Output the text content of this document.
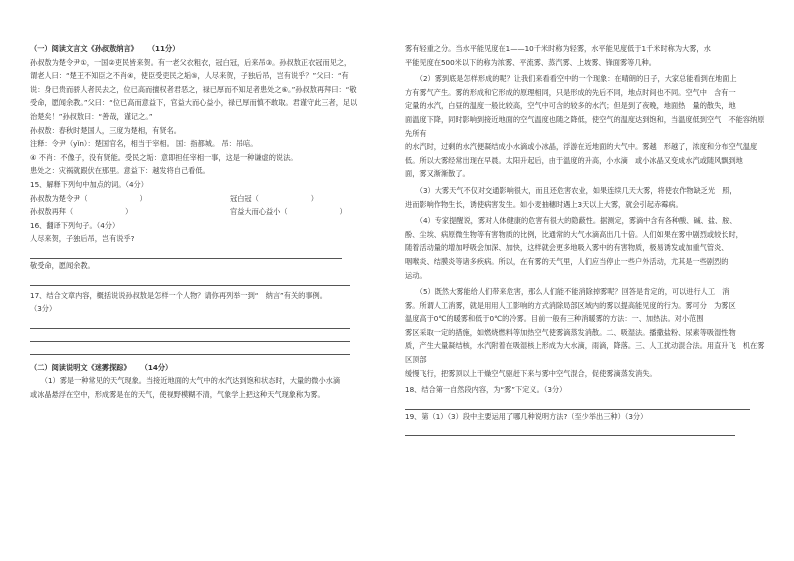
（一）阅读文言文《孙叔敖纳言》 （11分）

孙叔敖为楚令尹①，一国②吏民皆来贺。有一老父衣粗衣，冠白冠，后来吊③。孙叔敖正衣冠而见之，

谓老人曰：“楚王不知臣之不肖④，使臣受吏民之垢⑤，人尽来贺，子独后吊，岂有说乎？”父曰：“有

说：身已贵而骄人者民去之，位已高而擅权者君恶之，禄已厚而不知足者患处之⑥。”孙叔敖再拜曰：“敬

受命，愿闻余教。”父曰：“位已高而意益下，官益大而心益小，禄已厚而慎不敢取。君谨守此三者，足以

治楚矣！”孙叔敖曰：“善哉，谨记之。”

孙叔敖：春秋时楚国人，三度为楚相，有贤名。

注释：令尹（yǐn）：楚国官名，相当于宰相。 国：指都城。 吊：吊唁。

④ 不肖：不像子，没有贤能。受民之垢：意即担任宰相一事，这是一种谦虚的说法。

患处之：灾祸就跟伏在那里。意益下：越发将自己看低。

15、解释下列句中加点的词。（4分）

孙叔敖为楚令尹（	）	冠白冠（	）
孙叔敖再拜（	）	官益大而心益小（	）

16、翻译下列句子。（4分）

人尽来贺，子独后吊，岂有说乎?

敬受命，愿闻余教。

17、结合文章内容，概括说说孙叔敖是怎样一个人物？请你再列举一到“　纳言”有关的事例。

（3分）

（二）阅读说明文《迷雾探踪》 （14分）

（1）雾是一种常见的天气现象。当接近地面的大气中的水汽达到饱和状态时，大量的微小水滴

或冰晶悬浮在空中，形成雾是在的天气，使视野模糊不清，气象学上把这种天气现象称为雾。

雾有轻重之分。当水平能见度在1——10千米时称为轻雾，水平能见度低于1千米时称为大雾，水

平能见度在500米以下的称为浓雾、平流雾、蒸汽雾、上坡雾、锋面雾等几种。

（2）雾到底是怎样形成的呢？让我们来看看空中的一个现象：在晴朗的日子，大家总能看到在地面上

方有雾气产生。雾的形成和它形成的原理相同，只是形成的先后不同，地点时间也不同。空气中　含有一

定量的水汽，白昼的温度一般比较高，空气中可含的较多的水汽；但是到了夜晚，地面热　量的散失，地

面温度下降，同时影响到接近地面的空气温度也随之降低，使空气的温度达到饱和，当温度低到空气　不能容纳原先所有

的水汽时，过剩的水汽便凝结成小水滴或小冰晶，浮游在近地面的大气中。雾越　形越了，浓度和分布空气温度

低。所以大雾经常出现在早晨。太阳升起后，由于温度的升高，小水滴　或小冰晶又变成水汽或随风飘到地

面，雾又渐渐散了。

（3）大雾天气不仅对交通影响很大，而且还危害农业，如果连续几天大雾，将使农作物缺乏光　照，

进而影响作物生长，诱使病害发生。如小麦抽穗时遇上3天以上大雾，就会引起赤霉病。

（4）专家提醒说，雾对人体健康的危害有很大的隐蔽性。据测定，雾滴中含有各种酸、碱、盐、胺、

酚、尘埃、病原微生物等有害物质的比例，比通常的大气水滴高出几十倍。人们如果在雾中剧烈或较长时，

随着活动量的增加呼吸会加深、加快，这样就会更多地吸入雾中的有害物质，极易诱发或加重气管炎、

咽喉炎、结膜炎等诸多疾病。所以，在有雾的天气里，人们应当停止一些户外活动，尤其是一些剧烈的

运动。

（5）既然大雾能给人们带来危害，那么人们能不能消除掉雾呢？回答是肯定的，可以进行人工　消

雾。所谓人工消雾，就是用用人工影响的方式消除局部区域内的雾以提高能见度的行为。雾可分　为雾区

温度高于0℃的暖雾和低于0℃的冷雾。目前一般有三种消暖雾的方法：一、加热法。对小范围

雾区采取一定的措施，如燃烧燃料等加热空气使雾滴蒸发消散。二、吸湿法。播撒盐粉、尿素等吸湿性物

质，产生大量凝结核，水汽附着在吸湿核上形成为大水滴，雨滴，降落。三、人工扰动混合法。用直升飞　机在雾区顶部

缓慢飞行，把雾顶以上干燥空气驱赶下来与雾中空气混合，促使雾滴蒸发消失。

18、结合第一自然段内容，为“雾”下定义。（3分）

19、第（1）（3）段中主要运用了哪几种说明方法?（至少举出三种）（3分）
